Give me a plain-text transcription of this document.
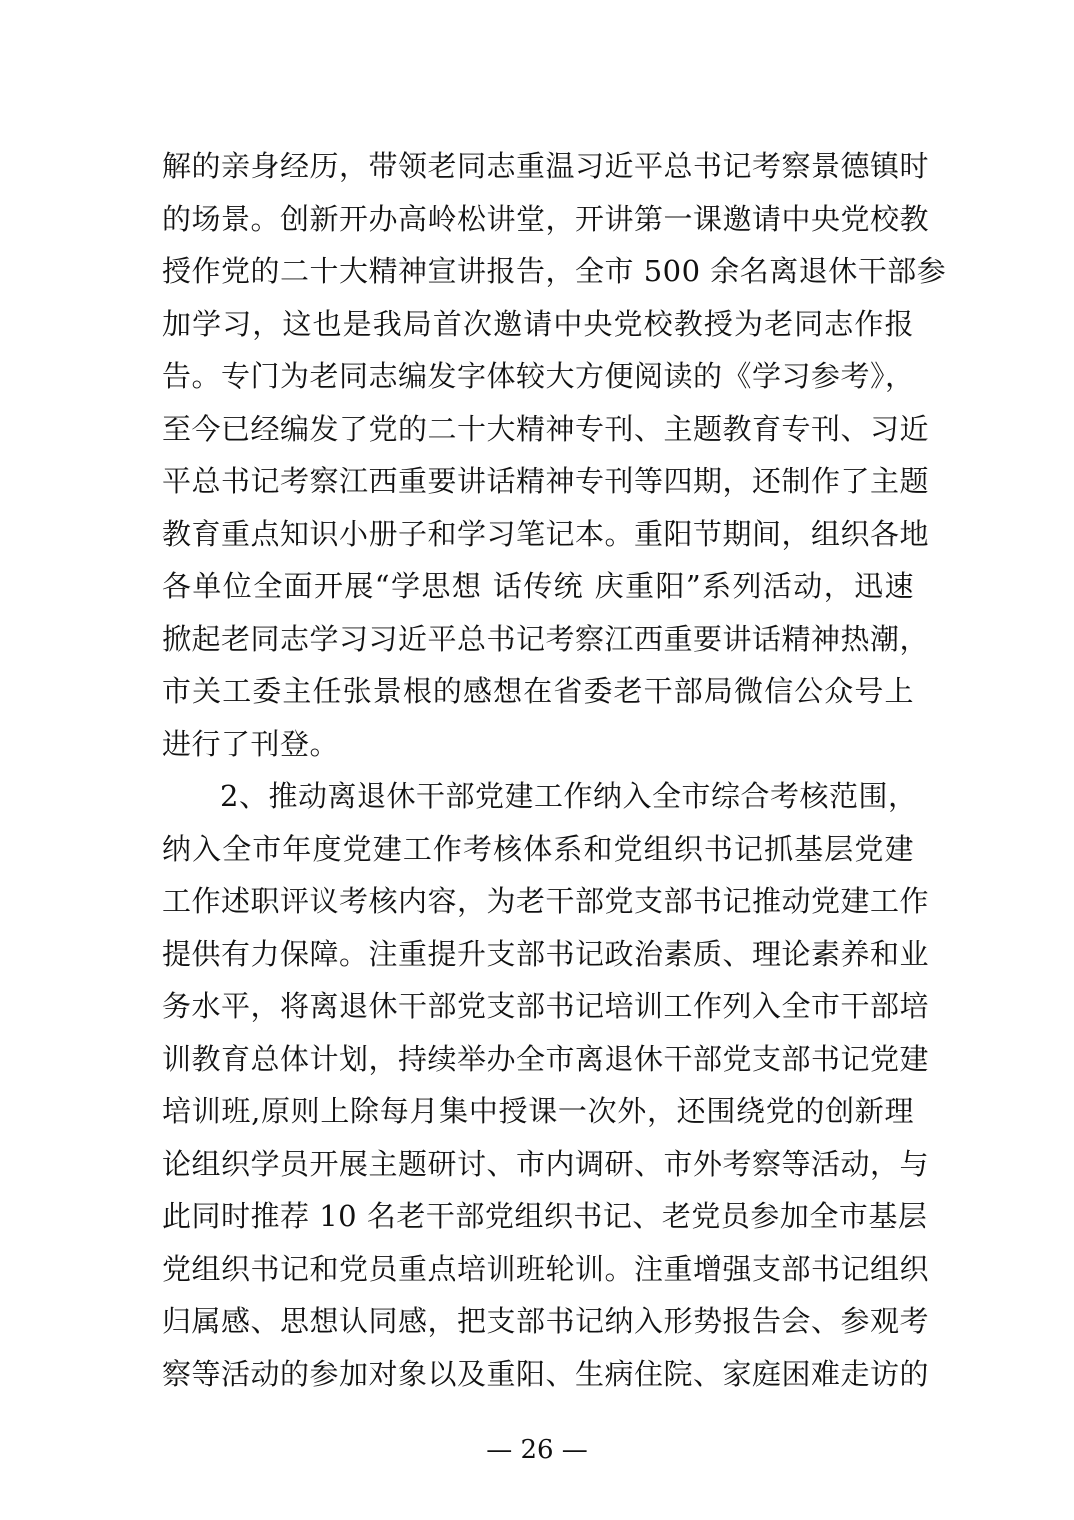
解的亲身经历，带领老同志重温习近平总书记考察景德镇时
的场景。创新开办高岭松讲堂，开讲第一课邀请中央党校教
授作党的二十大精神宣讲报告，全市 500 余名离退休干部参
加学习，这也是我局首次邀请中央党校教授为老同志作报
告。专门为老同志编发字体较大方便阅读的《学习参考》，
至今已经编发了党的二十大精神专刊、主题教育专刊、习近
平总书记考察江西重要讲话精神专刊等四期，还制作了主题
教育重点知识小册子和学习笔记本。重阳节期间，组织各地
各单位全面开展“学思想 话传统 庆重阳”系列活动，迅速
掀起老同志学习习近平总书记考察江西重要讲话精神热潮，
市关工委主任张景根的感想在省委老干部局微信公众号上
进行了刊登。
2、推动离退休干部党建工作纳入全市综合考核范围，
纳入全市年度党建工作考核体系和党组织书记抓基层党建
工作述职评议考核内容，为老干部党支部书记推动党建工作
提供有力保障。注重提升支部书记政治素质、理论素养和业
务水平，将离退休干部党支部书记培训工作列入全市干部培
训教育总体计划，持续举办全市离退休干部党支部书记党建
培训班,原则上除每月集中授课一次外，还围绕党的创新理
论组织学员开展主题研讨、市内调研、市外考察等活动，与
此同时推荐 10 名老干部党组织书记、老党员参加全市基层
党组织书记和党员重点培训班轮训。注重增强支部书记组织
归属感、思想认同感，把支部书记纳入形势报告会、参观考
察等活动的参加对象以及重阳、生病住院、家庭困难走访的
— 26 —
